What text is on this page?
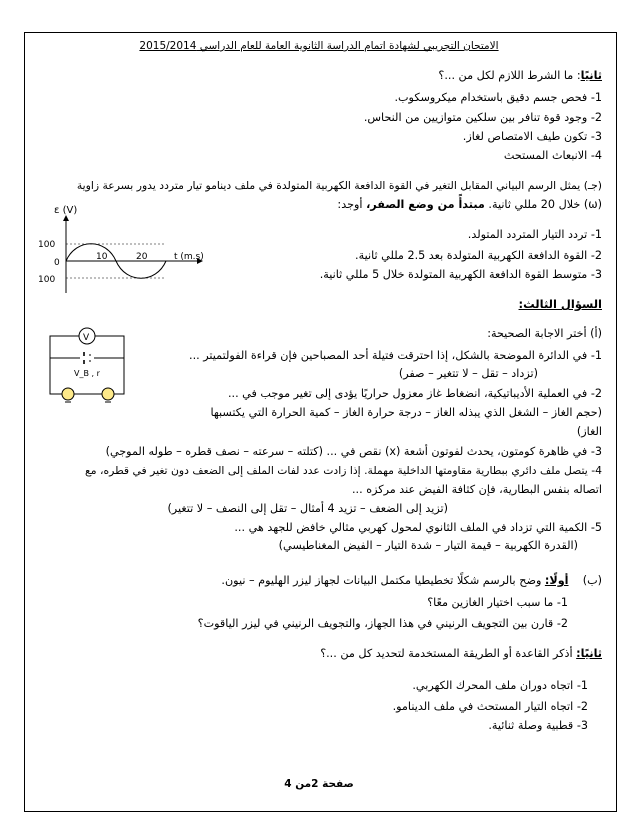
الامتحان التجريبي لشهادة اتمام الدراسة الثانوية العامة للعام الدراسي 2015/2014
ثانيًا: ما الشرط اللازم لكل من ...؟
1- فحص جسم دقيق باستخدام ميكروسكوب.
2- وجود قوة تنافر بين سلكين متوازيين من النحاس.
3- تكون طيف الامتصاص لغاز.
4- الانبعاث المستحث
(جـ) يمثل الرسم البياني المقابل التغير في القوة الدافعة الكهربية المتولدة في ملف دينامو تيار متردد يدور بسرعة زاوية
(ω) خلال 20 مللي ثانية. مبتدأً من وضع الصفر، أوجد:
1- تردد التيار المتردد المتولد.
2- القوة الدافعة الكهربية المتولدة بعد 2.5 مللي ثانية.
3- متوسط القوة الدافعة الكهربية المتولدة خلال 5 مللي ثانية.
ε (V)
100
0
100
10	20	t (m.s)
السؤال الثالث:
(أ) أختر الاجابة الصحيحة:
1- في الدائرة الموضحة بالشكل، إذا احترقت فتيلة أحد المصباحين فإن قراءة الفولتميتر ...
(تزداد – تقل – لا تتغير – صفر)
2- في العملية الأديباتيكية، انضغاط غاز معزول حراريًا يؤدى إلى تغير موجب في ...
(حجم الغاز – الشغل الذي يبذله الغاز – درجة حرارة الغاز – كمية الحرارة التي يكتسبها
الغاز)
3- في ظاهرة كومتون، يحدث لفوتون أشعة (x) نقص في ... (كتلته – سرعته – نصف قطره – طوله الموجي)
4- يتصل ملف دائري ببطارية مقاومتها الداخلية مهملة. إذا زادت عدد لفات الملف إلى الضعف دون تغير في قطره، مع
اتصاله بنفس البطارية، فإن كثافة الفيض عند مركزه ...
(تزيد إلى الضعف – تزيد 4 أمثال – تقل إلى النصف – لا تتغير)
5- الكمية التي تزداد في الملف الثانوي لمحول كهربي مثالي خافض للجهد هي ...
(القدرة الكهربية – قيمة التيار – شدة التيار – الفيض المغناطيسي)
V
V_B , r
(ب)    أولًا: وضح بالرسم شكلًا تخطيطيا مكتمل البيانات لجهاز ليزر الهليوم – نيون.
1- ما سبب اختيار الغازين معًا؟
2- قارن بين التجويف الرنيني في هذا الجهاز، والتجويف الرنيني في ليزر الياقوت؟
ثانيًا: أذكر القاعدة أو الطريقة المستخدمة لتحديد كل من ...؟
1- اتجاه دوران ملف المحرك الكهربي.
2- اتجاه التيار المستحث في ملف الدينامو.
3- قطبية وصلة ثنائية.
صفحة 2من 4
